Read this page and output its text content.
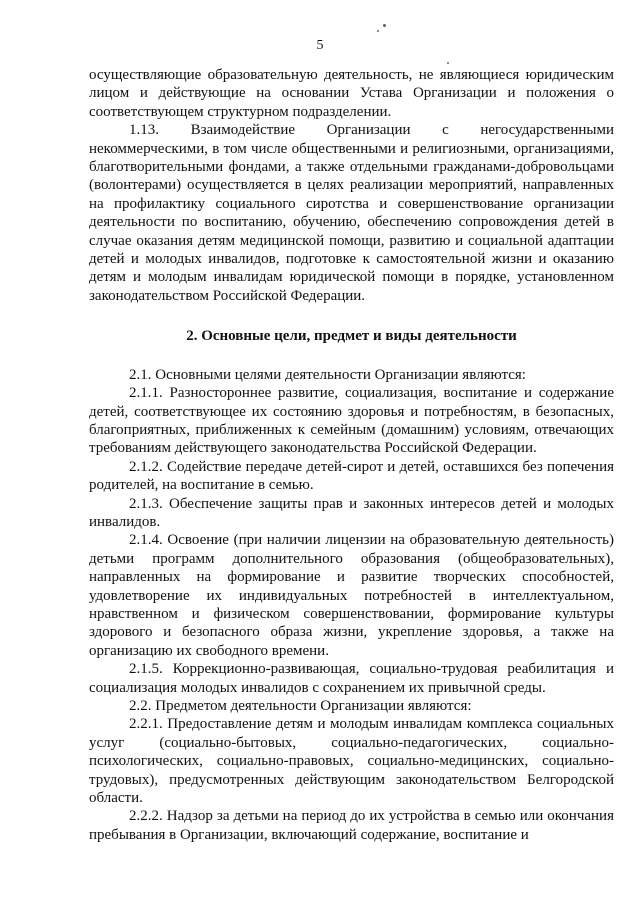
5

осуществляющие образовательную деятельность, не являющиеся юридическим лицом и действующие на основании Устава Организации и положения о соответствующем структурном подразделении.

1.13. Взаимодействие Организации с негосударственными некоммерческими, в том числе общественными и религиозными, организациями, благотворительными фондами, а также отдельными гражданами-добровольцами (волонтерами) осуществляется в целях реализации мероприятий, направленных на профилактику социального сиротства и совершенствование организации деятельности по воспитанию, обучению, обеспечению сопровождения детей в случае оказания детям медицинской помощи, развитию и социальной адаптации детей и молодых инвалидов, подготовке к самостоятельной жизни и оказанию детям и молодым инвалидам юридической помощи в порядке, установленном законодательством Российской Федерации.

2. Основные цели, предмет и виды деятельности

2.1. Основными целями деятельности Организации являются:

2.1.1. Разностороннее развитие, социализация, воспитание и содержание детей, соответствующее их состоянию здоровья и потребностям, в безопасных, благоприятных, приближенных к семейным (домашним) условиям, отвечающих требованиям действующего законодательства Российской Федерации.

2.1.2. Содействие передаче детей-сирот и детей, оставшихся без попечения родителей, на воспитание в семью.

2.1.3. Обеспечение защиты прав и законных интересов детей и молодых инвалидов.

2.1.4. Освоение (при наличии лицензии на образовательную деятельность) детьми программ дополнительного образования (общеобразовательных), направленных на формирование и развитие творческих способностей, удовлетворение их индивидуальных потребностей в интеллектуальном, нравственном и физическом совершенствовании, формирование культуры здорового и безопасного образа жизни, укрепление здоровья, а также на организацию их свободного времени.

2.1.5. Коррекционно-развивающая, социально-трудовая реабилитация и социализация молодых инвалидов с сохранением их привычной среды.

2.2. Предметом деятельности Организации являются:

2.2.1. Предоставление детям и молодым инвалидам комплекса социальных услуг (социально-бытовых, социально-педагогических, социально-психологических, социально-правовых, социально-медицинских, социально-трудовых), предусмотренных действующим законодательством Белгородской области.

2.2.2. Надзор за детьми на период до их устройства в семью или окончания пребывания в Организации, включающий содержание, воспитание и
